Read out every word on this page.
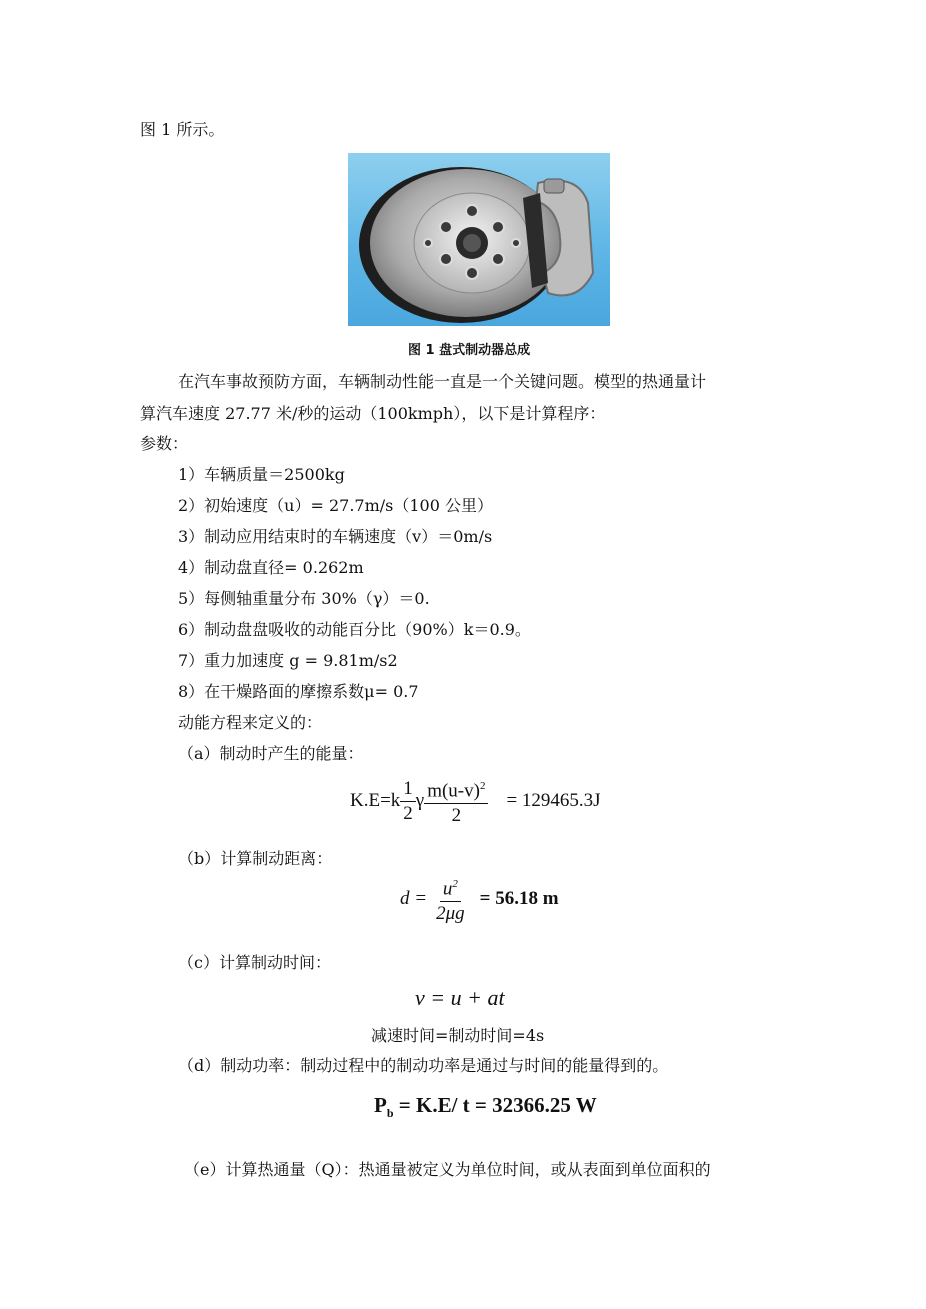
图 1 所示。
图 1 盘式制动器总成
在汽车事故预防方面，车辆制动性能一直是一个关键问题。模型的热通量计
算汽车速度 27.77 米/秒的运动（100kmph），以下是计算程序：
参数：
1）车辆质量＝2500kg
2）初始速度（u）= 27.7m/s（100 公里）
3）制动应用结束时的车辆速度（v）＝0m/s
4）制动盘直径= 0.262m
5）每侧轴重量分布 30%（γ）＝0.
6）制动盘盘吸收的动能百分比（90%）k＝0.9。
7）重力加速度 g = 9.81m/s2
8）在干燥路面的摩擦系数μ= 0.7
动能方程来定义的：
（a）制动时产生的能量：
$K.E=k \frac{1}{2}$ γ $\frac{m(u-v)^2}{2} = 129465.3J$
（b）计算制动距离：
$d = \frac{u^2}{2\mu g} = 56.18$ m
（c）计算制动时间：
v = u + at
减速时间=制动时间=4s
（d）制动功率：制动过程中的制动功率是通过与时间的能量得到的。
$P_b = K.E/$ t = 32366.25 W
（e）计算热通量（Q）：热通量被定义为单位时间，或从表面到单位面积的
